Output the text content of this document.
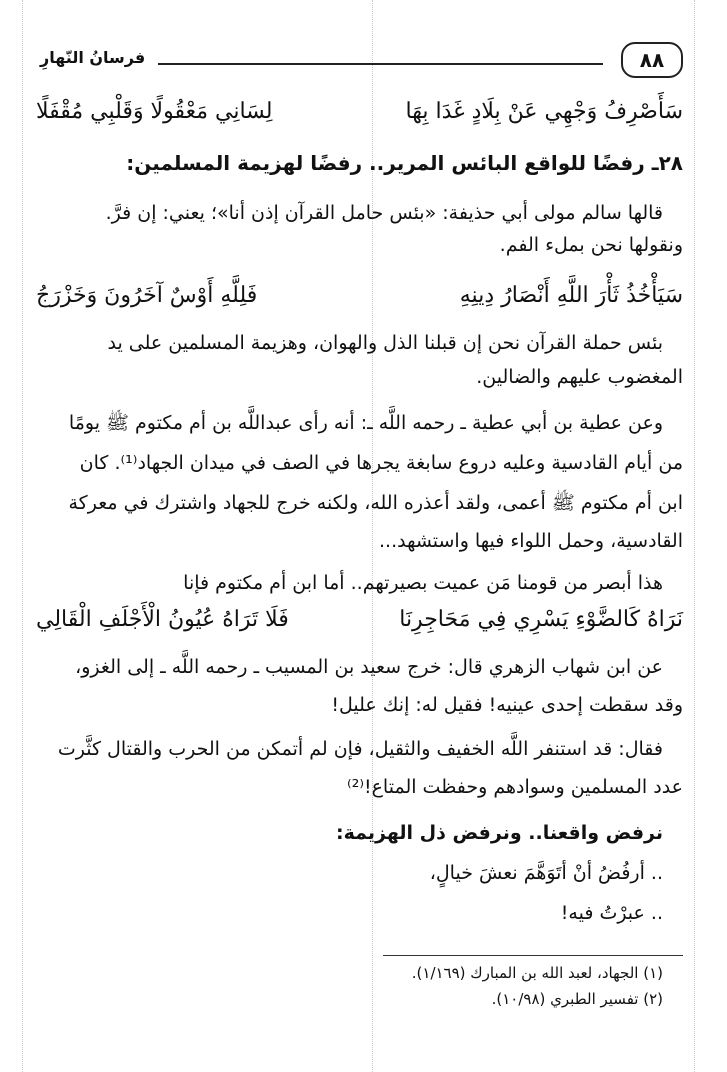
٨٨
فرسانُ النّهارِ
سَأَصْرِفُ وَجْهِي عَنْ بِلَادٍ غَدَا بِهَا
لِسَانِي مَعْقُولًا وَقَلْبِي مُقْفَلًا
٢٨ـ رفضًا للواقع البائس المرير.. رفضًا لهزيمة المسلمين:
قالها سالم مولى أبي حذيفة: «بئس حامل القرآن إذن أنا»؛ يعني: إن فرَّ.
ونقولها نحن بملء الفم.
سَيَأْخُذُ ثَأْرَ اللَّهِ أَنْصَارُ دِينِهِ
فَلِلَّهِ أَوْسٌ آخَرُونَ وَخَزْرَجُ
بئس حملة القرآن نحن إن قبلنا الذل والهوان، وهزيمة المسلمين على يد
المغضوب عليهم والضالين.
وعن عطية بن أبي عطية ـ رحمه اللَّه ـ: أنه رأى عبداللَّه بن أم مكتوم ﷺ يومًا
من أيام القادسية وعليه دروع سابغة يجرها في الصف في ميدان الجهاد⁽¹⁾. كان
ابن أم مكتوم ﷺ أعمى، ولقد أعذره الله، ولكنه خرج للجهاد واشترك في معركة
القادسية، وحمل اللواء فيها واستشهد...
هذا أبصر من قومنا مَن عميت بصيرتهم.. أما ابن أم مكتوم فإنا
نَرَاهُ كَالضَّوْءِ يَسْرِي فِي مَحَاجِرِنَا
فَلَا تَرَاهُ عُيُونُ الْأَجْلَفِ الْقَالِي
عن ابن شهاب الزهري قال: خرج سعيد بن المسيب ـ رحمه اللَّه ـ إلى الغزو،
وقد سقطت إحدى عينيه! فقيل له: إنك عليل!
فقال: قد استنفر اللَّه الخفيف والثقيل، فإن لم أتمكن من الحرب والقتال كثَّرت
عدد المسلمين وسوادهم وحفظت المتاع!⁽²⁾
نرفض واقعنا.. ونرفض ذل الهزيمة:
.. أرفُضُ أنْ أتَوَهَّمَ نعشَ خيالٍ،
.. عبرْتُ فيه!
(١) الجهاد، لعبد الله بن المبارك (١/١٦٩).
(٢) تفسير الطبري (١٠/٩٨).
